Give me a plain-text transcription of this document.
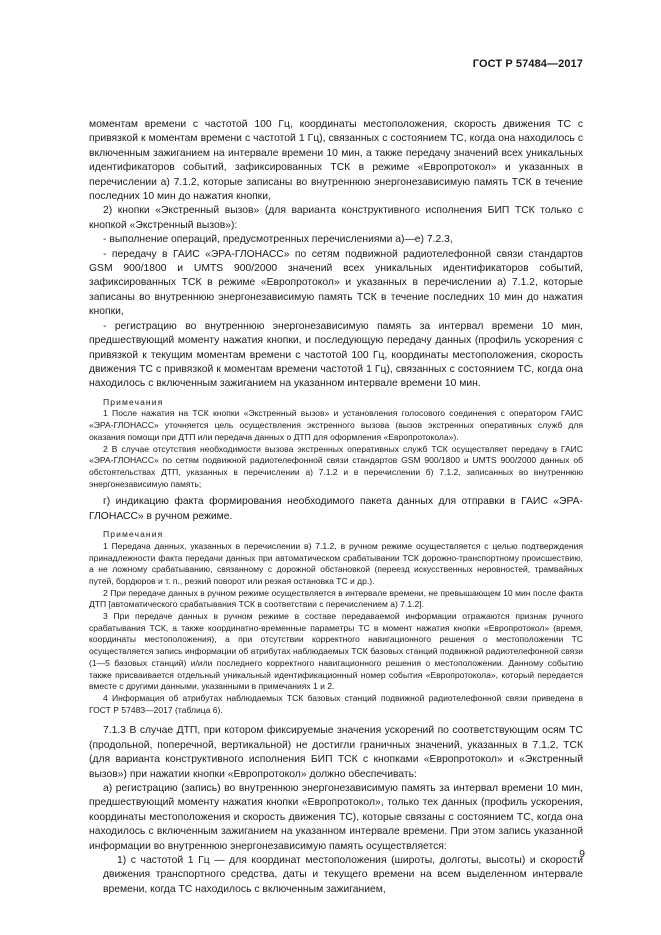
ГОСТ Р 57484—2017

моментам времени с частотой 100 Гц, координаты местоположения, скорость движения ТС с привязкой к моментам времени с частотой 1 Гц), связанных с состоянием ТС, когда она находилось с включенным зажиганием на интервале времени 10 мин, а также передачу значений всех уникальных идентификаторов событий, зафиксированных ТСК в режиме «Европротокол» и указанных в перечислении а) 7.1.2, которые записаны во внутреннюю энергонезависимую память ТСК в течение последних 10 мин до нажатия кнопки,

2) кнопки «Экстренный вызов» (для варианта конструктивного исполнения БИП ТСК только с кнопкой «Экстренный вызов»):

- выполнение операций, предусмотренных перечислениями а)—е) 7.2.3,

- передачу в ГАИС «ЭРА-ГЛОНАСС» по сетям подвижной радиотелефонной связи стандартов GSM 900/1800 и UMTS 900/2000 значений всех уникальных идентификаторов событий, зафиксированных ТСК в режиме «Европротокол» и указанных в перечислении а) 7.1.2, которые записаны во внутреннюю энергонезависимую память ТСК в течение последних 10 мин до нажатия кнопки,

- регистрацию во внутреннюю энергонезависимую память за интервал времени 10 мин, предшествующий моменту нажатия кнопки, и последующую передачу данных (профиль ускорения с привязкой к текущим моментам времени с частотой 100 Гц, координаты местоположения, скорость движения ТС с привязкой к моментам времени частотой 1 Гц), связанных с состоянием ТС, когда она находилось с включенным зажиганием на указанном интервале времени 10 мин.

Примечания

1 После нажатия на ТСК кнопки «Экстренный вызов» и установления голосового соединения с оператором ГАИС «ЭРА-ГЛОНАСС» уточняется цель осуществления экстренного вызова (вызов экстренных оперативных служб для оказания помощи при ДТП или передача данных о ДТП для оформления «Европротокола»).

2 В случае отсутствия необходимости вызова экстренных оперативных служб ТСК осуществляет передачу в ГАИС «ЭРА-ГЛОНАСС» по сетям подвижной радиотелефонной связи стандартов GSM 900/1800 и UMTS 900/2000 данных об обстоятельствах ДТП, указанных в перечислении а) 7.1.2 и в перечислении б) 7.1.2, записанных во внутреннюю энергонезависимую память;

г) индикацию факта формирования необходимого пакета данных для отправки в ГАИС «ЭРА-ГЛОНАСС» в ручном режиме.

Примечания

1 Передача данных, указанных в перечислении в) 7.1.2, в ручном режиме осуществляется с целью подтверждения принадлежности факта передачи данных при автоматическом срабатывании ТСК дорожно-транспортному происшествию, а не ложному срабатыванию, связанному с дорожной обстановкой (переезд искусственных неровностей, трамвайных путей, бордюров и т. п., резкий поворот или резкая остановка ТС и др.).

2 При передаче данных в ручном режиме осуществляется в интервале времени, не превышающем 10 мин после факта ДТП [автоматического срабатывания ТСК в соответствии с перечислением а) 7.1.2].

3 При передаче данных в ручном режиме в составе передаваемой информации отражаются признак ручного срабатывания ТСК, а также координатно-временные параметры ТС в момент нажатия кнопки «Европротокол» (время, координаты местоположения), а при отсутствии корректного навигационного решения о местоположении ТС осуществляется запись информации об атрибутах наблюдаемых ТСК базовых станций подвижной радиотелефонной связи (1—5 базовых станций) и/или последнего корректного навигационного решения о местоположении. Данному событию также присваивается отдельный уникальный идентификационный номер события «Европротокола», который передается вместе с другими данными, указанными в примечаниях 1 и 2.

4 Информация об атрибутах наблюдаемых ТСК базовых станций подвижной радиотелефонной связи приведена в ГОСТ Р 57483—2017 (таблица 6).

7.1.3 В случае ДТП, при котором фиксируемые значения ускорений по соответствующим осям ТС (продольной, поперечной, вертикальной) не достигли граничных значений, указанных в 7.1.2, ТСК (для варианта конструктивного исполнения БИП ТСК с кнопками «Европротокол» и «Экстренный вызов») при нажатии кнопки «Европротокол» должно обеспечивать:

а) регистрацию (запись) во внутреннюю энергонезависимую память за интервал времени 10 мин, предшествующий моменту нажатия кнопки «Европротокол», только тех данных (профиль ускорения, координаты местоположения и скорость движения ТС), которые связаны с состоянием ТС, когда она находилось с включенным зажиганием на указанном интервале времени. При этом запись указанной информации во внутреннюю энергонезависимую память осуществляется:

1) с частотой 1 Гц — для координат местоположения (широты, долготы, высоты) и скорости движения транспортного средства, даты и текущего времени на всем выделенном интервале времени, когда ТС находилось с включенным зажиганием,

9
